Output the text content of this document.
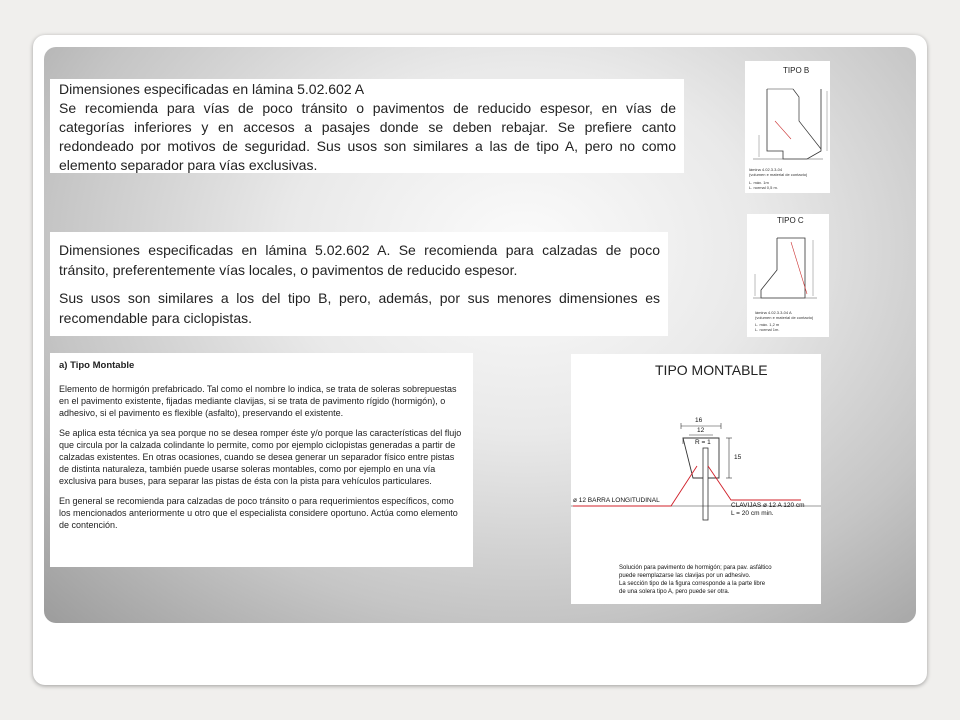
Dimensiones especificadas en lámina 5.02.602 A

Se recomienda para vías de poco tránsito o pavimentos de reducido espesor, en vías de categorías inferiores y en accesos a pasajes donde se deben rebajar. Se prefiere canto redondeado por motivos de seguridad. Sus usos son similares a las de tipo A, pero no como elemento separador para vías exclusivas.

Dimensiones especificadas en lámina 5.02.602 A. Se recomienda para calzadas de poco tránsito, preferentemente vías locales, o pavimentos de reducido espesor.

Sus usos son similares a los del tipo B, pero, además, por sus menores dimensiones es recomendable para ciclopistas.

a) Tipo Montable

Elemento de hormigón prefabricado. Tal como el nombre lo indica, se trata de soleras sobrepuestas en el pavimento existente, fijadas mediante clavijas, si se trata de pavimento rígido (hormigón), o adhesivo, si el pavimento es flexible (asfalto), preservando el existente.

Se aplica esta técnica ya sea porque no se desea romper éste y/o porque las características del flujo que circula por la calzada colindante lo permite, como por ejemplo ciclopistas generadas a partir de calzadas existentes. En otras ocasiones, cuando se desea generar un separador físico entre pistas de distinta naturaleza, también puede usarse soleras montables, como por ejemplo en una vía exclusiva para buses, para separar las pistas de ésta con la pista para vehículos particulares.

En general se recomienda para calzadas de poco tránsito o para requerimientos específicos, como los mencionados anteriormente u otro que el especialista considere oportuno. Actúa como elemento de contención.

TIPO B
lámina 4.02.3.3-04
(volumen e material de contacto)
L. máx. 1m
L. normal 0,5 m.
TIPO C
lámina 4.02.3.3-04 A
(volumen e material de contacto)
L. máx. 1,2 m
L. normal 1m.
TIPO MONTABLE
16
12
R = 1
15
ø 12 BARRA LONGITUDINAL
CLAVIJAS ø 12 A 120 cm
L = 20 cm min.
Solución para pavimento de hormigón; para pav. asfáltico
puede reemplazarse las clavijas por un adhesivo.
La sección tipo de la figura corresponde a la parte libre
de una solera tipo A, pero puede ser otra.
